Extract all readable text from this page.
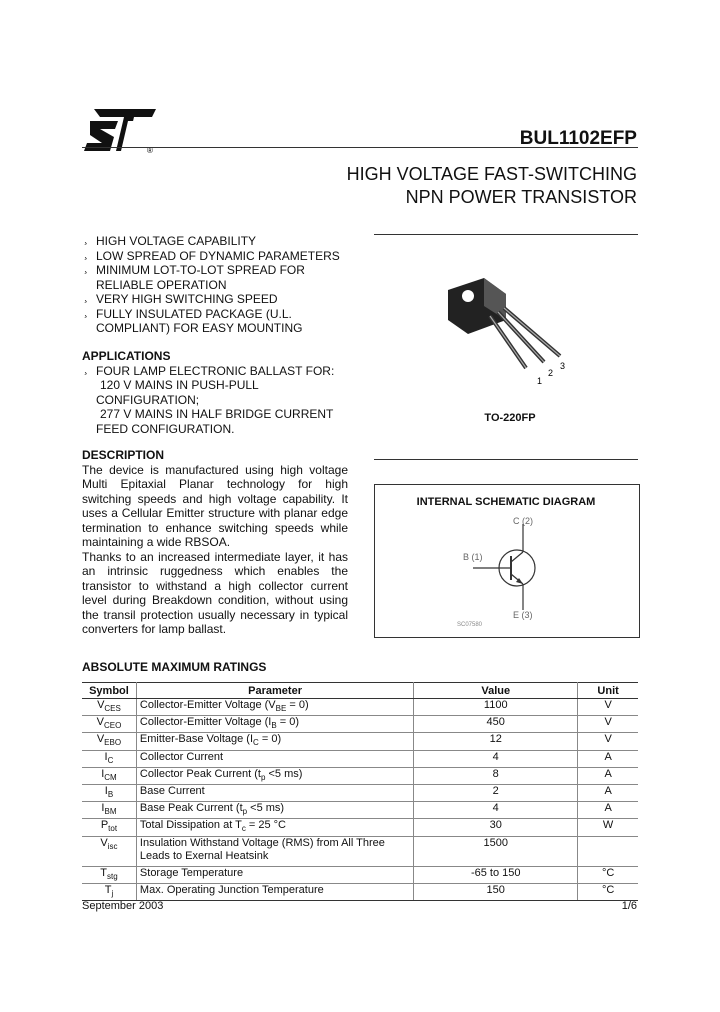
®
BUL1102EFP
HIGH VOLTAGE FAST-SWITCHING
NPN POWER TRANSISTOR
¸ HIGH VOLTAGE CAPABILITY
¸ LOW SPREAD OF DYNAMIC PARAMETERS
¸ MINIMUM LOT-TO-LOT SPREAD FOR
RELIABLE OPERATION
¸ VERY HIGH SWITCHING SPEED
¸ FULLY INSULATED PACKAGE (U.L.
COMPLIANT) FOR EASY MOUNTING
APPLICATIONS
¸ FOUR LAMP ELECTRONIC BALLAST FOR:
120 V MAINS IN PUSH-PULL
CONFIGURATION;
277 V MAINS IN HALF BRIDGE CURRENT
FEED CONFIGURATION.
DESCRIPTION
The device is manufactured using high voltage Multi Epitaxial Planar technology for high switching speeds and high voltage capability. It uses a Cellular Emitter structure with planar edge termination to enhance switching speeds while maintaining a wide RBSOA.
Thanks to an increased intermediate layer, it has an intrinsic ruggedness which enables the transistor to withstand a high collector current level during Breakdown condition, without using the transil protection usually necessary in typical converters for lamp ballast.
1
2
3
TO-220FP
INTERNAL SCHEMATIC DIAGRAM
C (2)
B (1)
E (3)
SC07580
ABSOLUTE MAXIMUM RATINGS
Symbol	Parameter	Value	Unit
$V_{CES}$	Collector-Emitter Voltage $(V_{BE} = 0)$	1100	V
$V_{CEO}$	Collector-Emitter Voltage $(I_B = 0)$	450	V
$V_{EBO}$	Emitter-Base Voltage $(I_C = 0)$	12	V
$I_C$	Collector Current	4	A
$I_{CM}$	Collector Peak Current ($t_p <5$ ms)	8	A
$I_B$	Base Current	2	A
$I_{BM}$	Base Peak Current ($t_p <5$ ms)	4	A
$P_{tot}$	Total Dissipation at $T_c = 25$ °C	30	W
$V_{isc}$	Insulation Withstand Voltage (RMS) from All Three Leads to Exernal Heatsink	1500	
$T_{stg}$	Storage Temperature	-65 to 150	°C
$T_j$	Max. Operating Junction Temperature	150	°C
September 2003	1/6
